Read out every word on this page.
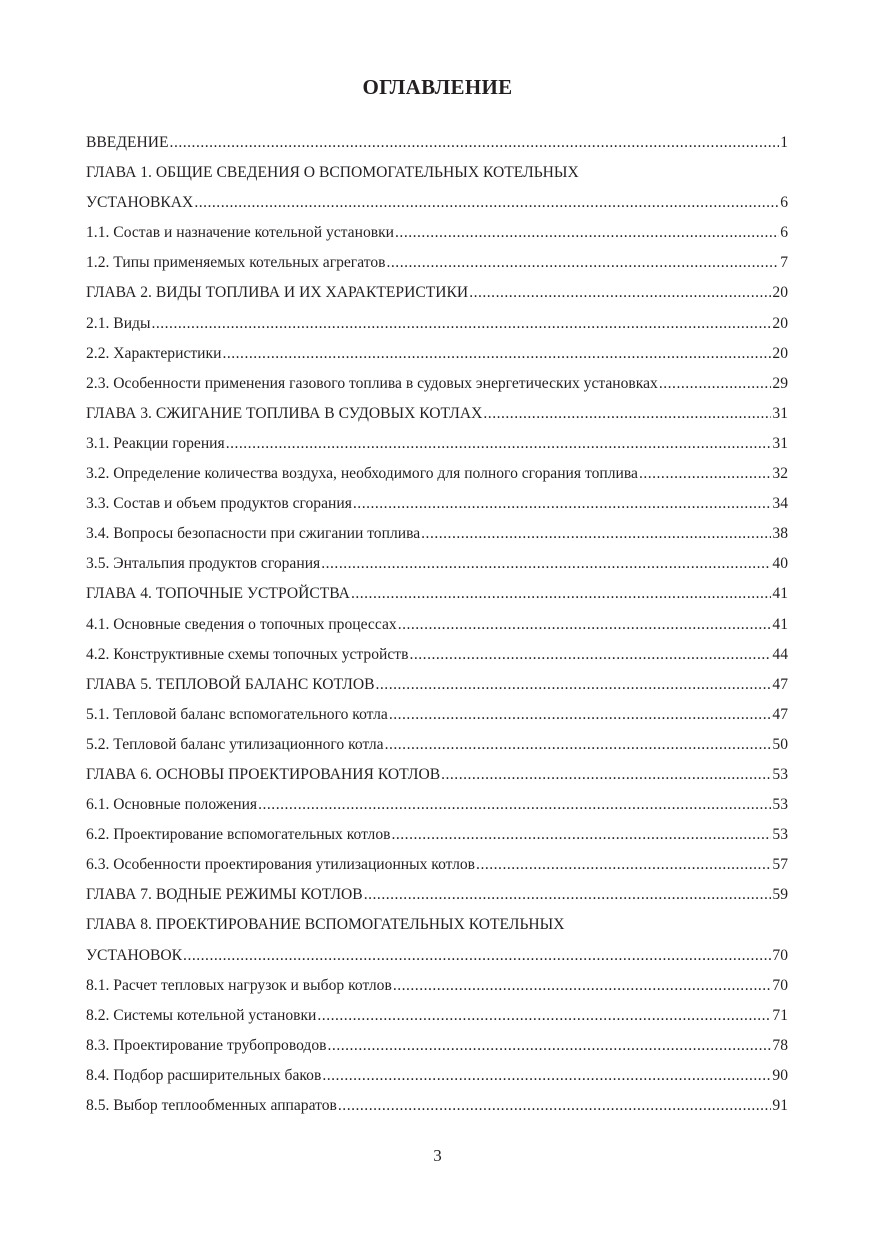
ОГЛАВЛЕНИЕ
ВВЕДЕНИЕ .....	1
ГЛАВА 1. ОБЩИЕ СВЕДЕНИЯ О ВСПОМОГАТЕЛЬНЫХ КОТЕЛЬНЫХ
УСТАНОВКАХ .....	6
1.1. Состав и назначение котельной установки .....	6
1.2. Типы применяемых котельных агрегатов .....	7
ГЛАВА 2. ВИДЫ ТОПЛИВА И ИХ ХАРАКТЕРИСТИКИ .....	20
2.1. Виды .....	20
2.2. Характеристики .....	20
2.3. Особенности применения газового топлива в судовых энергетических установках .....	29
ГЛАВА 3. СЖИГАНИЕ ТОПЛИВА В СУДОВЫХ КОТЛАХ .....	31
3.1. Реакции горения .....	31
3.2. Определение количества воздуха, необходимого для полного сгорания топлива .....	32
3.3. Состав и объем продуктов сгорания .....	34
3.4. Вопросы безопасности при сжигании топлива .....	38
3.5. Энтальпия продуктов сгорания .....	40
ГЛАВА 4. ТОПОЧНЫЕ УСТРОЙСТВА .....	41
4.1. Основные сведения о топочных процессах .....	41
4.2. Конструктивные схемы топочных устройств .....	44
ГЛАВА 5. ТЕПЛОВОЙ БАЛАНС КОТЛОВ .....	47
5.1. Тепловой баланс вспомогательного котла .....	47
5.2. Тепловой баланс утилизационного котла .....	50
ГЛАВА 6. ОСНОВЫ ПРОЕКТИРОВАНИЯ КОТЛОВ .....	53
6.1. Основные положения .....	53
6.2. Проектирование вспомогательных котлов .....	53
6.3. Особенности проектирования утилизационных котлов .....	57
ГЛАВА 7. ВОДНЫЕ РЕЖИМЫ КОТЛОВ .....	59
ГЛАВА 8. ПРОЕКТИРОВАНИЕ ВСПОМОГАТЕЛЬНЫХ КОТЕЛЬНЫХ
УСТАНОВОК .....	70
8.1. Расчет тепловых нагрузок и выбор котлов .....	70
8.2. Системы котельной установки .....	71
8.3. Проектирование трубопроводов .....	78
8.4. Подбор расширительных баков .....	90
8.5. Выбор теплообменных аппаратов .....	91
3
